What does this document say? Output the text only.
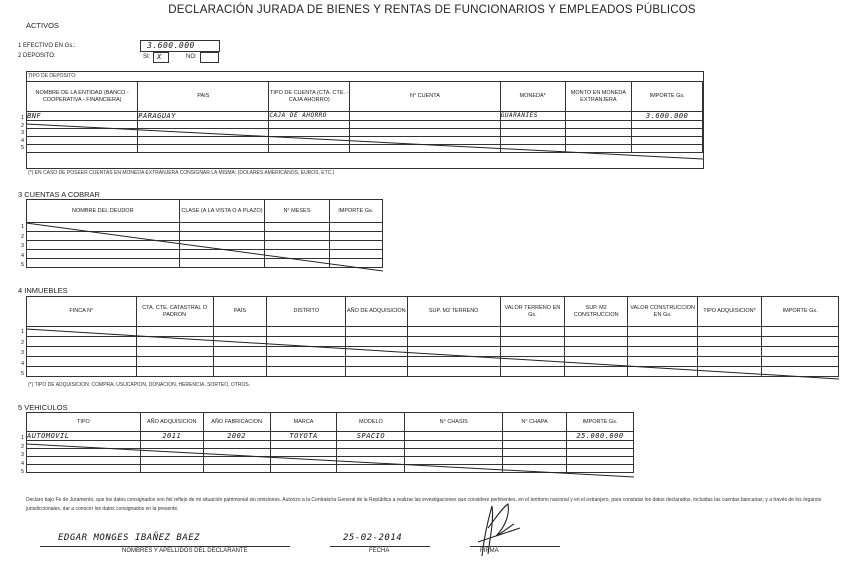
DECLARACIÓN JURADA DE BIENES Y RENTAS DE FUNCIONARIOS Y EMPLEADOS PÚBLICOS
ACTIVOS
1 EFECTIVO EN Gs.:	3.600.000
2 DEPOSITO:	SI: X	NO:
TIPO DE DEPOSITO:
NOMBRE DE LA ENTIDAD (BANCO - COOPERATIVA - FINANCIERA)	PAIS	TIPO DE CUENTA (CTA. CTE. - CAJA AHORRO)	N° CUENTA	MONEDA*	MONTO EN MONEDA EXTRANJERA	IMPORTE Gs.
BNF	PARAGUAY	CAJA DE AHORRO		GUARANIES		3.600.000

1
2
3
4
5
(*) EN CASO DE POSEER CUENTAS EN MONEDA EXTRANJERA CONSIGNAR LA MISMA: (DOLARES AMERICANOS, EUROS, ETC.)
3 CUENTAS A COBRAR
NOMBRE DEL DEUDOR	CLASE (A LA VISTA O A PLAZO)	N° MESES	IMPORTE Gs.

1
2
3
4
5
4 INMUEBLES
FINCA N°	CTA. CTE. CATASTRAL O PADRON	PAIS	DISTRITO	AÑO DE ADQUISICION	SUP. M2 TERRENO	VALOR TERRENO EN Gs.	SUP. M2 CONSTRUCCION	VALOR CONSTRUCCION EN Gs.	TIPO ADQUISICION*	IMPORTE Gs.

1
2
3
4
5
(*) TIPO DE ADQUISICION: COMPRA, USUCAPION, DONACION, HERENCIA, SORTEO, OTROS.
5 VEHICULOS
TIPO	AÑO ADQUISICION	AÑO FABRICACION	MARCA	MODELO	N° CHASIS	N° CHAPA	IMPORTE Gs.
AUTOMOVIL	2011	2002	TOYOTA	SPACIO			25.000.000

1
2
3
4
5
Declaro bajo Fe de Juramento, que los datos consignados son fiel reflejo de mi situación patrimonial sin omisiones. Autorizo a la Contraloría General de la República a realizar las investigaciones que considere pertinentes, en el territorio nacional y en el extranjero, para constatar los datos declarados, incluidas las cuentas bancarias; y a través de los órganos jurisdiccionales, dar a conocer los datos consignados en la presente.
EDGAR MONGES IBAÑEZ BAEZ
NOMBRES Y APELLIDOS DEL DECLARANTE
25-02-2014
FECHA	FIRMA
